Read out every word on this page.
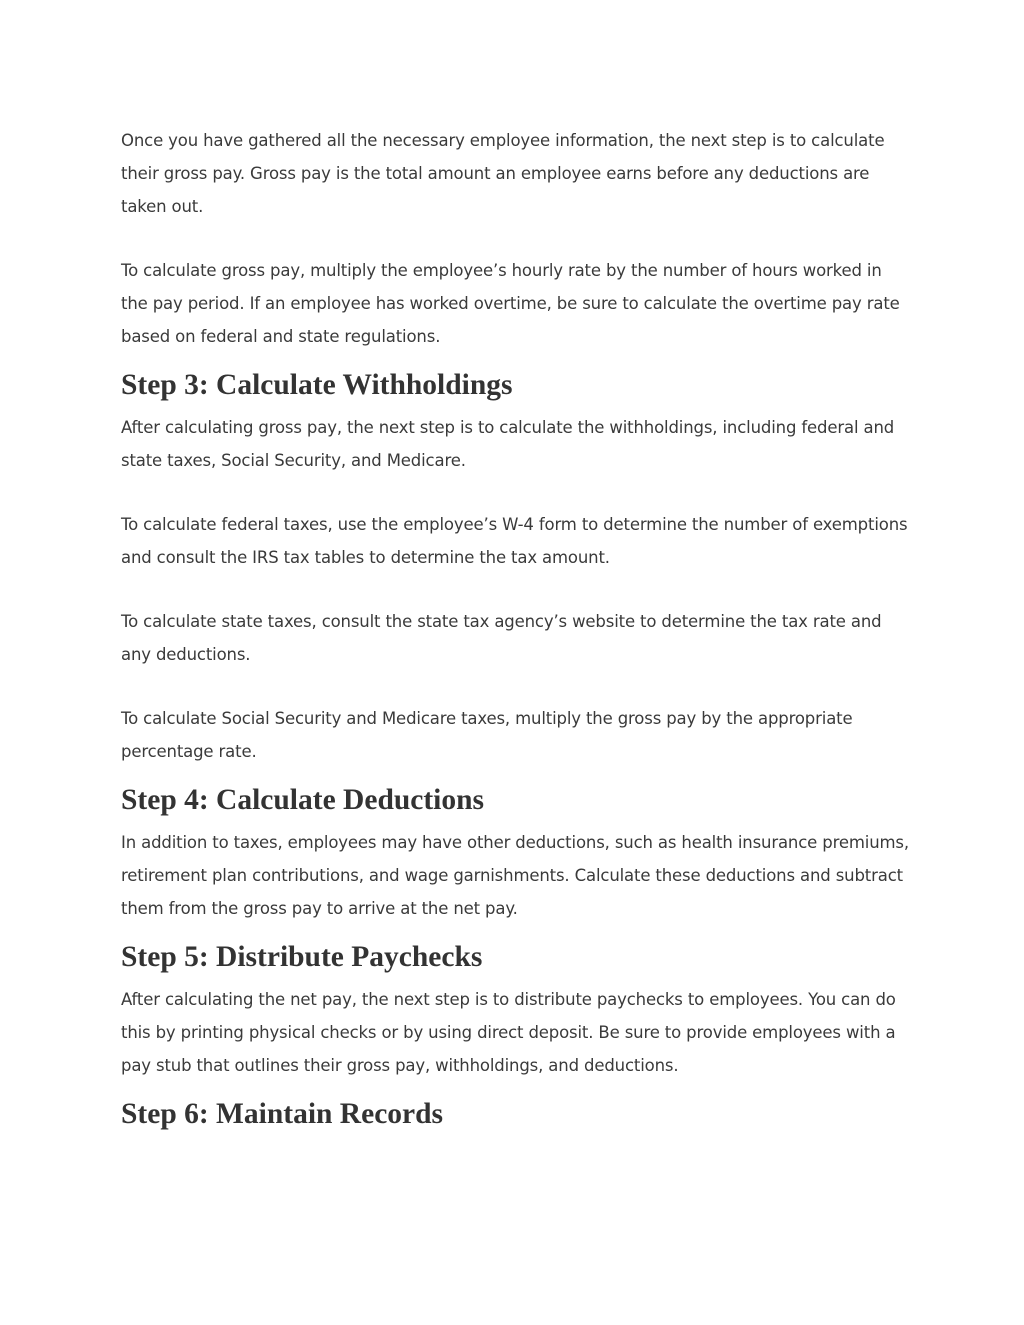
Once you have gathered all the necessary employee information, the next step is to calculate their gross pay. Gross pay is the total amount an employee earns before any deductions are taken out.

To calculate gross pay, multiply the employee’s hourly rate by the number of hours worked in the pay period. If an employee has worked overtime, be sure to calculate the overtime pay rate based on federal and state regulations.

Step 3: Calculate Withholdings

After calculating gross pay, the next step is to calculate the withholdings, including federal and state taxes, Social Security, and Medicare.

To calculate federal taxes, use the employee’s W-4 form to determine the number of exemptions and consult the IRS tax tables to determine the tax amount.

To calculate state taxes, consult the state tax agency’s website to determine the tax rate and any deductions.

To calculate Social Security and Medicare taxes, multiply the gross pay by the appropriate percentage rate.

Step 4: Calculate Deductions

In addition to taxes, employees may have other deductions, such as health insurance premiums, retirement plan contributions, and wage garnishments. Calculate these deductions and subtract them from the gross pay to arrive at the net pay.

Step 5: Distribute Paychecks

After calculating the net pay, the next step is to distribute paychecks to employees. You can do this by printing physical checks or by using direct deposit. Be sure to provide employees with a pay stub that outlines their gross pay, withholdings, and deductions.

Step 6: Maintain Records
